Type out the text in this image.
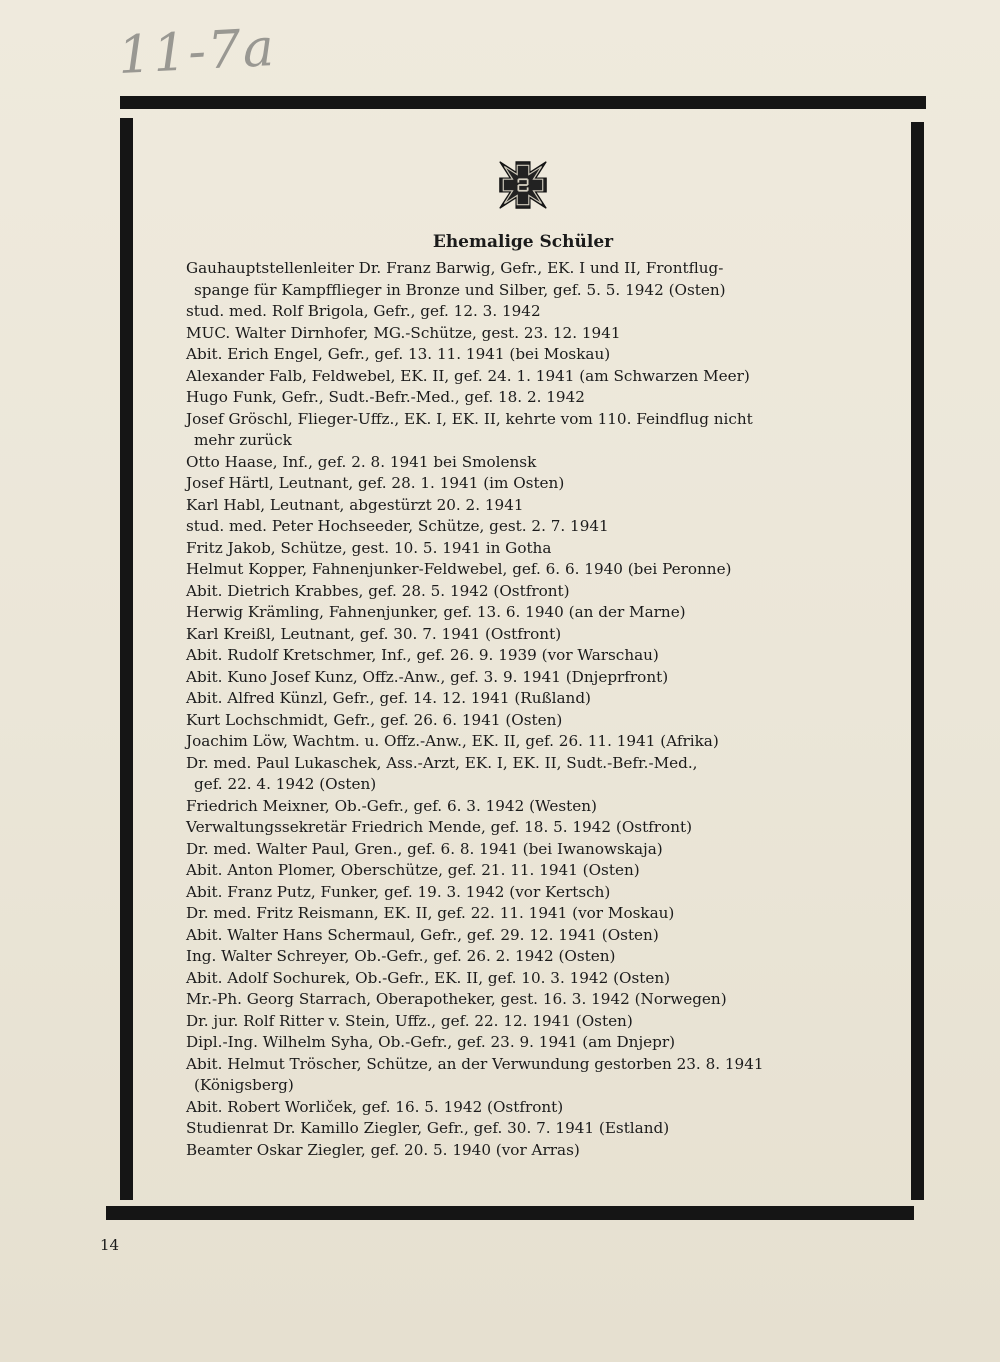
11-7a
Ehemalige Schüler
Gauhauptstellenleiter Dr. Franz Barwig, Gefr., EK. I und II, Frontflug-
spange für Kampfflieger in Bronze und Silber, gef. 5. 5. 1942 (Osten)
stud. med. Rolf Brigola, Gefr., gef. 12. 3. 1942
MUC. Walter Dirnhofer, MG.-Schütze, gest. 23. 12. 1941
Abit. Erich Engel, Gefr., gef. 13. 11. 1941 (bei Moskau)
Alexander Falb, Feldwebel, EK. II, gef. 24. 1. 1941 (am Schwarzen Meer)
Hugo Funk, Gefr., Sudt.-Befr.-Med., gef. 18. 2. 1942
Josef Gröschl, Flieger-Uffz., EK. I, EK. II, kehrte vom 110. Feindflug nicht
mehr zurück
Otto Haase, Inf., gef. 2. 8. 1941 bei Smolensk
Josef Härtl, Leutnant, gef. 28. 1. 1941 (im Osten)
Karl Habl, Leutnant, abgestürzt 20. 2. 1941
stud. med. Peter Hochseeder, Schütze, gest. 2. 7. 1941
Fritz Jakob, Schütze, gest. 10. 5. 1941 in Gotha
Helmut Kopper, Fahnenjunker-Feldwebel, gef. 6. 6. 1940 (bei Peronne)
Abit. Dietrich Krabbes, gef. 28. 5. 1942 (Ostfront)
Herwig Krämling, Fahnenjunker, gef. 13. 6. 1940 (an der Marne)
Karl Kreißl, Leutnant, gef. 30. 7. 1941 (Ostfront)
Abit. Rudolf Kretschmer, Inf., gef. 26. 9. 1939 (vor Warschau)
Abit. Kuno Josef Kunz, Offz.-Anw., gef. 3. 9. 1941 (Dnjeprfront)
Abit. Alfred Künzl, Gefr., gef. 14. 12. 1941 (Rußland)
Kurt Lochschmidt, Gefr., gef. 26. 6. 1941 (Osten)
Joachim Löw, Wachtm. u. Offz.-Anw., EK. II, gef. 26. 11. 1941 (Afrika)
Dr. med. Paul Lukaschek, Ass.-Arzt, EK. I, EK. II, Sudt.-Befr.-Med.,
gef. 22. 4. 1942 (Osten)
Friedrich Meixner, Ob.-Gefr., gef. 6. 3. 1942 (Westen)
Verwaltungssekretär Friedrich Mende, gef. 18. 5. 1942 (Ostfront)
Dr. med. Walter Paul, Gren., gef. 6. 8. 1941 (bei Iwanowskaja)
Abit. Anton Plomer, Oberschütze, gef. 21. 11. 1941 (Osten)
Abit. Franz Putz, Funker, gef. 19. 3. 1942 (vor Kertsch)
Dr. med. Fritz Reismann, EK. II, gef. 22. 11. 1941 (vor Moskau)
Abit. Walter Hans Schermaul, Gefr., gef. 29. 12. 1941 (Osten)
Ing. Walter Schreyer, Ob.-Gefr., gef. 26. 2. 1942 (Osten)
Abit. Adolf Sochurek, Ob.-Gefr., EK. II, gef. 10. 3. 1942 (Osten)
Mr.-Ph. Georg Starrach, Oberapotheker, gest. 16. 3. 1942 (Norwegen)
Dr. jur. Rolf Ritter v. Stein, Uffz., gef. 22. 12. 1941 (Osten)
Dipl.-Ing. Wilhelm Syha, Ob.-Gefr., gef. 23. 9. 1941 (am Dnjepr)
Abit. Helmut Tröscher, Schütze, an der Verwundung gestorben 23. 8. 1941
(Königsberg)
Abit. Robert Worliček, gef. 16. 5. 1942 (Ostfront)
Studienrat Dr. Kamillo Ziegler, Gefr., gef. 30. 7. 1941 (Estland)
Beamter Oskar Ziegler, gef. 20. 5. 1940 (vor Arras)
14
